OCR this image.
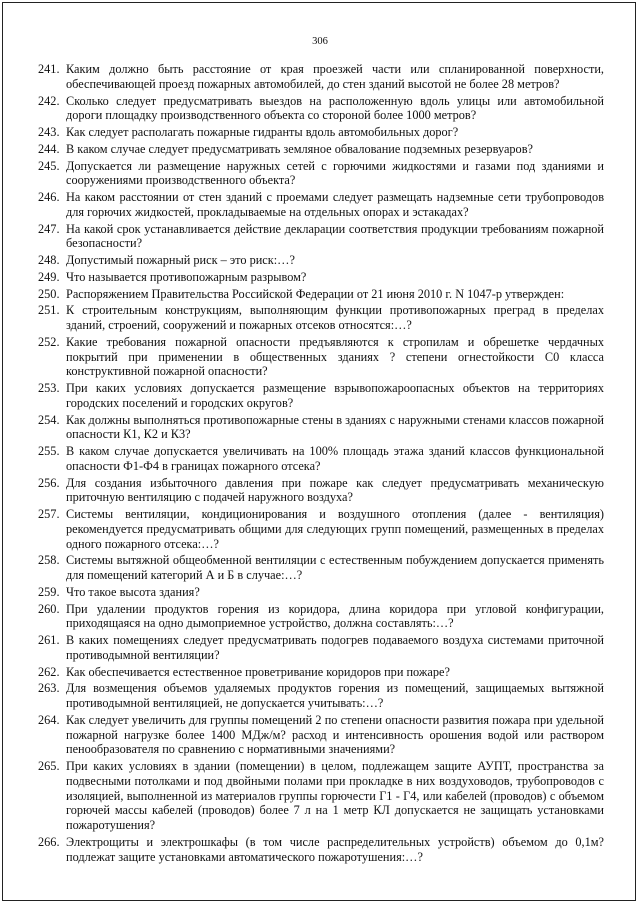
306
241. Каким должно быть расстояние от края проезжей части или спланированной поверхности, обеспечивающей проезд пожарных автомобилей, до стен зданий высотой не более 28 метров?
242. Сколько следует предусматривать выездов на расположенную вдоль улицы или автомобильной дороги площадку производственного объекта со стороной более 1000 метров?
243. Как следует располагать пожарные гидранты вдоль автомобильных дорог?
244. В каком случае следует предусматривать земляное обвалование подземных резервуаров?
245. Допускается ли размещение наружных сетей с горючими жидкостями и газами под зданиями и сооружениями производственного объекта?
246. На каком расстоянии от стен зданий с проемами следует размещать надземные сети трубопроводов для горючих жидкостей, прокладываемые на отдельных опорах и эстакадах?
247. На какой срок устанавливается действие декларации соответствия продукции требованиям пожарной безопасности?
248. Допустимый пожарный риск – это риск:…?
249. Что называется противопожарным разрывом?
250. Распоряжением Правительства Российской Федерации от 21 июня 2010 г. N 1047-р утвержден:
251. К строительным конструкциям, выполняющим функции противопожарных преград в пределах зданий, строений, сооружений и пожарных отсеков относятся:…?
252. Какие требования пожарной опасности предъявляются к стропилам и обрешетке чердачных покрытий при применении в общественных зданиях ? степени огнестойкости С0 класса конструктивной пожарной опасности?
253. При каких условиях допускается размещение взрывопожароопасных объектов на территориях городских поселений и городских округов?
254. Как должны выполняться противопожарные стены в зданиях с наружными стенами классов пожарной опасности К1, К2 и К3?
255. В каком случае допускается увеличивать на 100% площадь этажа зданий классов функциональной опасности Ф1-Ф4 в границах пожарного отсека?
256. Для создания избыточного давления при пожаре как следует предусматривать механическую приточную вентиляцию с подачей наружного воздуха?
257. Системы вентиляции, кондиционирования и воздушного отопления (далее - вентиляция) рекомендуется предусматривать общими для следующих групп помещений, размещенных в пределах одного пожарного отсека:…?
258. Системы вытяжной общеобменной вентиляции с естественным побуждением допускается применять для помещений категорий А и Б в случае:…?
259. Что такое высота здания?
260. При удалении продуктов горения из коридора, длина коридора при угловой конфигурации, приходящаяся на одно дымоприемное устройство, должна составлять:…?
261. В каких помещениях следует предусматривать подогрев подаваемого воздуха системами приточной противодымной вентиляции?
262. Как обеспечивается естественное проветривание коридоров при пожаре?
263. Для возмещения объемов удаляемых продуктов горения из помещений, защищаемых вытяжной противодымной вентиляцией, не допускается учитывать:…?
264. Как следует увеличить для группы помещений 2 по степени опасности развития пожара при удельной пожарной нагрузке более 1400 МДж/м? расход и интенсивность орошения водой или раствором пенообразователя по сравнению с нормативными значениями?
265. При каких условиях в здании (помещении) в целом, подлежащем защите АУПТ, пространства за подвесными потолками и под двойными полами при прокладке в них воздуховодов, трубопроводов с изоляцией, выполненной из материалов группы горючести Г1 - Г4, или кабелей (проводов) с объемом горючей массы кабелей (проводов) более 7 л на 1 метр КЛ допускается не защищать установками пожаротушения?
266. Электрощиты и электрошкафы (в том числе распределительных устройств) объемом до 0,1м? подлежат защите установками автоматического пожаротушения:…?
